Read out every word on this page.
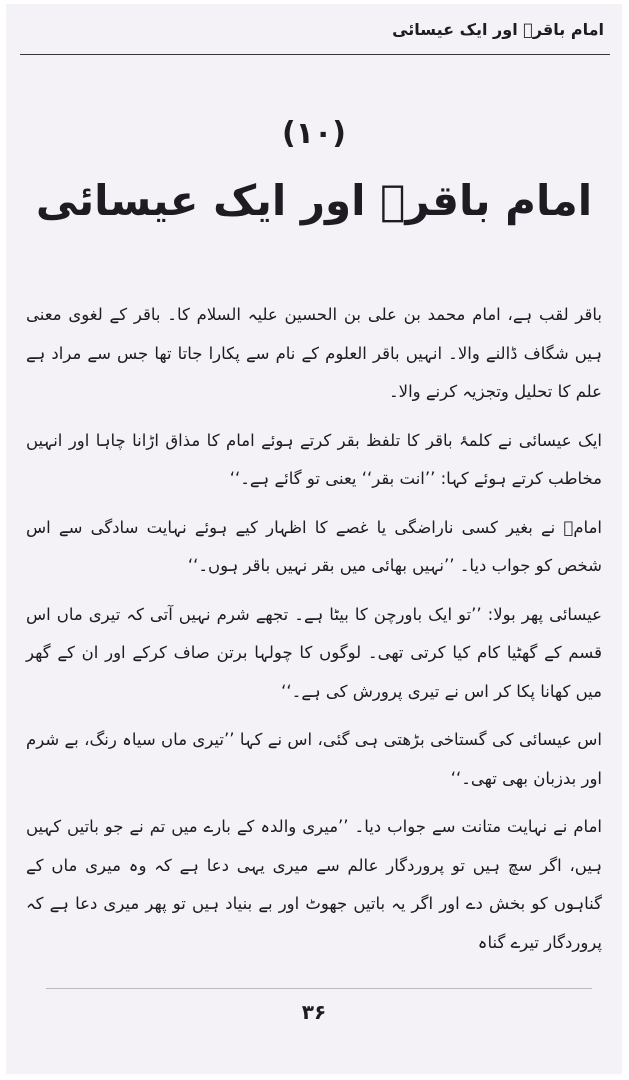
امام باقرؑ اور ایک عیسائی
(۱۰)
امام باقرؑ اور ایک عیسائی

باقر لقب ہے، امام محمد بن علی بن الحسین علیہ السلام کا۔ باقر کے لغوی معنی ہیں شگاف ڈالنے والا۔ انہیں باقر العلوم کے نام سے پکارا جاتا تھا جس سے مراد ہے علم کا تحلیل وتجزیہ کرنے والا۔

ایک عیسائی نے کلمۂ باقر کا تلفظ بقر کرتے ہوئے امام کا مذاق اڑانا چاہا اور انہیں مخاطب کرتے ہوئے کہا: ’’انت بقر‘‘ یعنی تو گائے ہے۔‘‘

امامؑ نے بغیر کسی ناراضگی یا غصے کا اظہار کیے ہوئے نہایت سادگی سے اس شخص کو جواب دیا۔ ’’نہیں بھائی میں بقر نہیں باقر ہوں۔‘‘

عیسائی پھر بولا: ’’تو ایک باورچن کا بیٹا ہے۔ تجھے شرم نہیں آتی کہ تیری ماں اس قسم کے گھٹیا کام کیا کرتی تھی۔ لوگوں کا چولہا برتن صاف کرکے اور ان کے گھر میں کھانا پکا کر اس نے تیری پرورش کی ہے۔‘‘

اس عیسائی کی گستاخی بڑھتی ہی گئی، اس نے کہا ’’تیری ماں سیاہ رنگ، بے شرم اور بدزبان بھی تھی۔‘‘

امام نے نہایت متانت سے جواب دیا۔ ’’میری والدہ کے بارے میں تم نے جو باتیں کہیں ہیں، اگر سچ ہیں تو پروردگار عالم سے میری یہی دعا ہے کہ وہ میری ماں کے گناہوں کو بخش دے اور اگر یہ باتیں جھوٹ اور بے بنیاد ہیں تو پھر میری دعا ہے کہ پروردگار تیرے گناہ

۳۶
